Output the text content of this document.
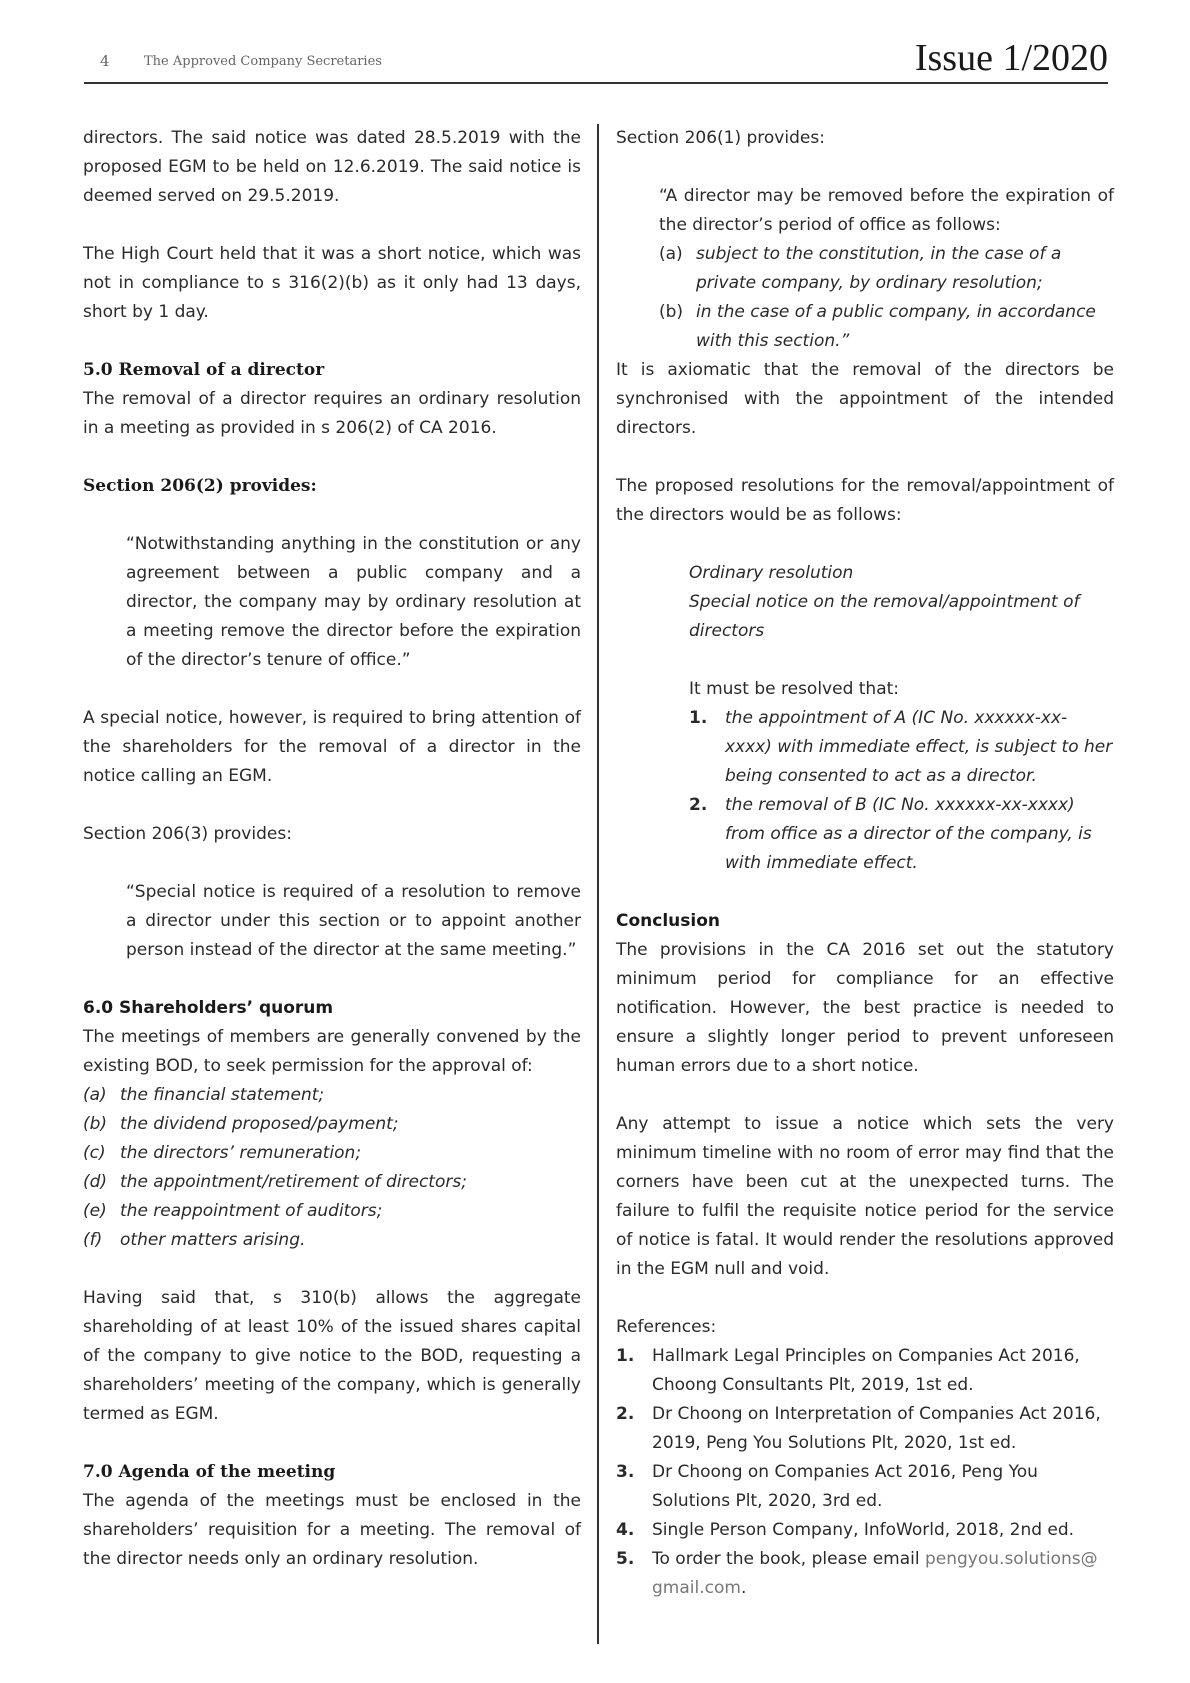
4	The Approved Company Secretaries	Issue 1/2020

directors. The said notice was dated 28.5.2019 with the proposed EGM to be held on 12.6.2019. The said notice is deemed served on 29.5.2019.

The High Court held that it was a short notice, which was not in compliance to s 316(2)(b) as it only had 13 days, short by 1 day.

5.0 Removal of a director

The removal of a director requires an ordinary resolution in a meeting as provided in s 206(2) of CA 2016.

Section 206(2) provides:

“Notwithstanding anything in the constitution or any agreement between a public company and a director, the company may by ordinary resolution at a meeting remove the director before the expiration of the director’s tenure of office.”

A special notice, however, is required to bring attention of the shareholders for the removal of a director in the notice calling an EGM.

Section 206(3) provides:

“Special notice is required of a resolution to remove a director under this section or to appoint another person instead of the director at the same meeting.”

6.0 Shareholders’ quorum

The meetings of members are generally convened by the existing BOD, to seek permission for the approval of:

(a) the financial statement;
(b) the dividend proposed/payment;
(c) the directors’ remuneration;
(d) the appointment/retirement of directors;
(e) the reappointment of auditors;
(f) other matters arising.

Having said that, s 310(b) allows the aggregate shareholding of at least 10% of the issued shares capital of the company to give notice to the BOD, requesting a shareholders’ meeting of the company, which is generally termed as EGM.

7.0 Agenda of the meeting

The agenda of the meetings must be enclosed in the shareholders’ requisition for a meeting. The removal of the director needs only an ordinary resolution.

Section 206(1) provides:

“A director may be removed before the expiration of the director’s period of office as follows:

(a) subject to the constitution, in the case of a private company, by ordinary resolution;
(b) in the case of a public company, in accordance with this section.”

It is axiomatic that the removal of the directors be synchronised with the appointment of the intended directors.

The proposed resolutions for the removal/appointment of the directors would be as follows:

Ordinary resolution
Special notice on the removal/appointment of directors
It must be resolved that:
1. the appointment of A (IC No. xxxxxx-xx-xxxx) with immediate effect, is subject to her being consented to act as a director.
2. the removal of B (IC No. xxxxxx-xx-xxxx) from office as a director of the company, is with immediate effect.
Conclusion

The provisions in the CA 2016 set out the statutory minimum period for compliance for an effective notification. However, the best practice is needed to ensure a slightly longer period to prevent unforeseen human errors due to a short notice.

Any attempt to issue a notice which sets the very minimum timeline with no room of error may find that the corners have been cut at the unexpected turns. The failure to fulfil the requisite notice period for the service of notice is fatal. It would render the resolutions approved in the EGM null and void.

References:
1. Hallmark Legal Principles on Companies Act 2016, Choong Consultants Plt, 2019, 1st ed.
2. Dr Choong on Interpretation of Companies Act 2016, 2019, Peng You Solutions Plt, 2020, 1st ed.
3. Dr Choong on Companies Act 2016, Peng You Solutions Plt, 2020, 3rd ed.
4. Single Person Company, InfoWorld, 2018, 2nd ed.
5. To order the book, please email pengyou.solutions@ gmail.com.
